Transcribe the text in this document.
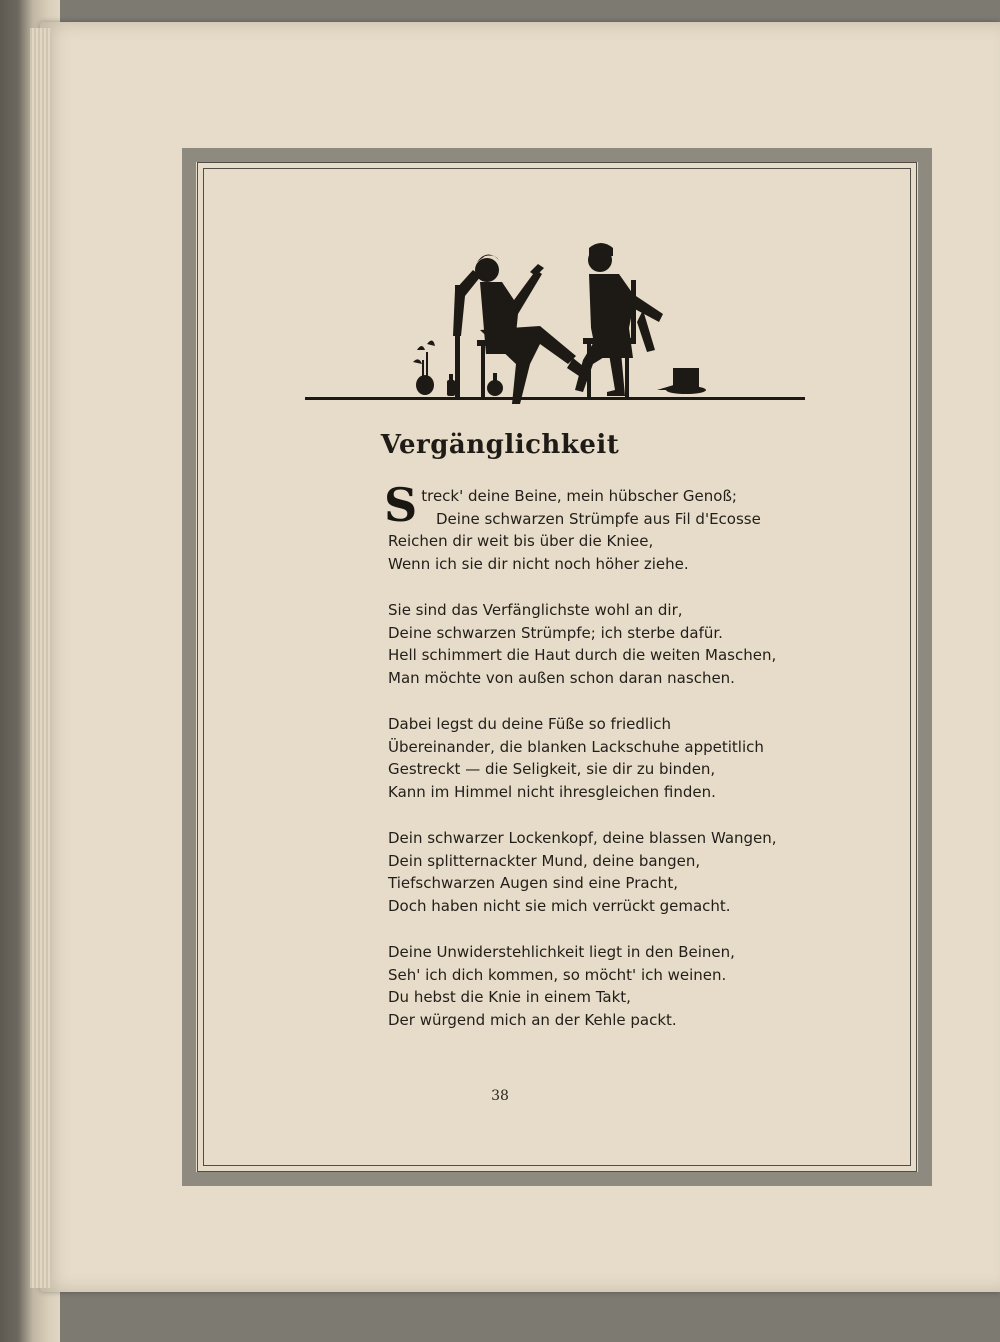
Vergänglichkeit
S treck' deine Beine, mein hübscher Genoß;
Deine schwarzen Strümpfe aus Fil d'Ecosse
Reichen dir weit bis über die Kniee,
Wenn ich sie dir nicht noch höher ziehe.
Sie sind das Verfänglichste wohl an dir,
Deine schwarzen Strümpfe; ich sterbe dafür.
Hell schimmert die Haut durch die weiten Maschen,
Man möchte von außen schon daran naschen.
Dabei legst du deine Füße so friedlich
Übereinander, die blanken Lackschuhe appetitlich
Gestreckt — die Seligkeit, sie dir zu binden,
Kann im Himmel nicht ihresgleichen finden.
Dein schwarzer Lockenkopf, deine blassen Wangen,
Dein splitternackter Mund, deine bangen,
Tiefschwarzen Augen sind eine Pracht,
Doch haben nicht sie mich verrückt gemacht.
Deine Unwiderstehlichkeit liegt in den Beinen,
Seh' ich dich kommen, so möcht' ich weinen.
Du hebst die Knie in einem Takt,
Der würgend mich an der Kehle packt.
38
